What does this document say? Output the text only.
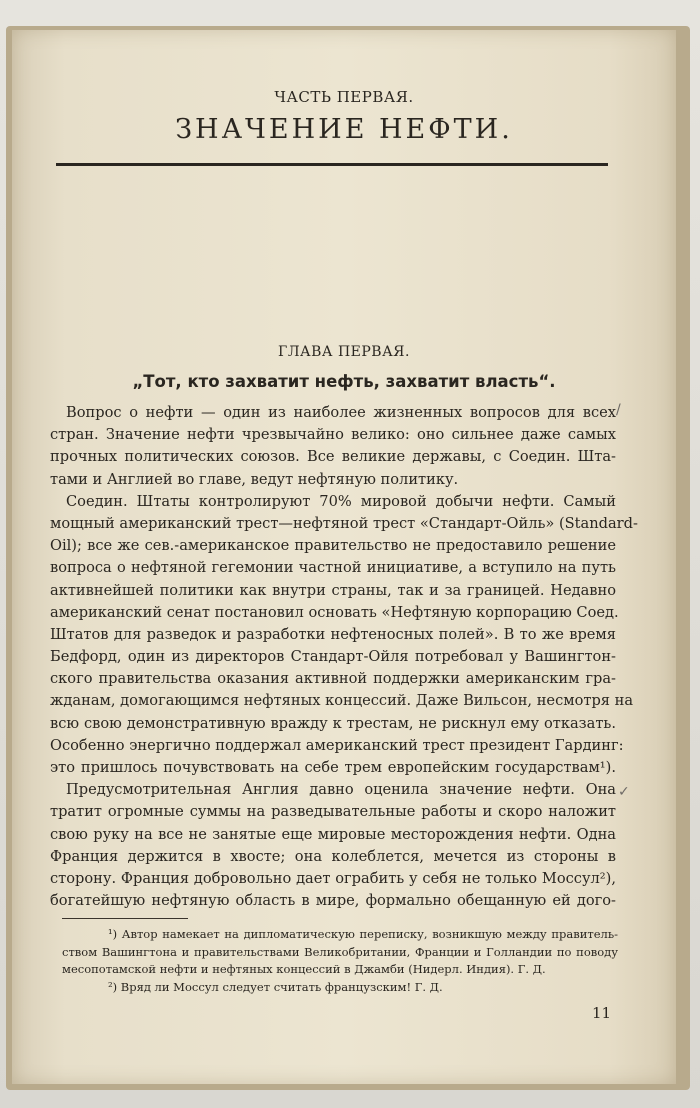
ЧАСТЬ ПЕРВАЯ.
ЗНАЧЕНИЕ НЕФТИ.
ГЛАВА ПЕРВАЯ.
„Тот, кто захватит нефть, захватит власть“.
Вопрос о нефти — один из наиболее жизненных вопросов для всех
стран. Значение нефти чрезвычайно велико: оно сильнее даже самых
прочных политических союзов. Все великие державы, с Соедин. Шта-
тами и Англией во главе, ведут нефтяную политику.
Соедин. Штаты контролируют 70% мировой добычи нефти. Самый
мощный американский трест—нефтяной трест «Стандарт-Ойль» (Standard-
Oil); все же сев.-американское правительство не предоставило решение
вопроса о нефтяной гегемонии частной инициативе, а вступило на путь
активнейшей политики как внутри страны, так и за границей. Недавно
американский сенат постановил основать «Нефтяную корпорацию Соед.
Штатов для разведок и разработки нефтеносных полей». В то же время
Бедфорд, один из директоров Стандарт-Ойля потребовал у Вашингтон-
ского правительства оказания активной поддержки американским гра-
жданам, домогающимся нефтяных концессий. Даже Вильсон, несмотря на
всю свою демонстративную вражду к трестам, не рискнул ему отказать.
Особенно энергично поддержал американский трест президент Гардинг:
это пришлось почувствовать на себе трем европейским государствам¹).
Предусмотрительная Англия давно оценила значение нефти. Она
тратит огромные суммы на разведывательные работы и скоро наложит
свою руку на все не занятые еще мировые месторождения нефти. Одна
Франция держится в хвосте; она колеблется, мечется из стороны в
сторону. Франция добровольно дает ограбить у себя не только Моссул²),
богатейшую нефтяную область в мире, формально обещанную ей дого-
/
✓
¹) Автор намекает на дипломатическую переписку, возникшую между правитель-
ством Вашингтона и правительствами Великобритании, Франции и Голландии по поводу
месопотамской нефти и нефтяных концессий в Джамби (Нидерл. Индия). Г. Д.
²) Вряд ли Моссул следует считать французским! Г. Д.
11
